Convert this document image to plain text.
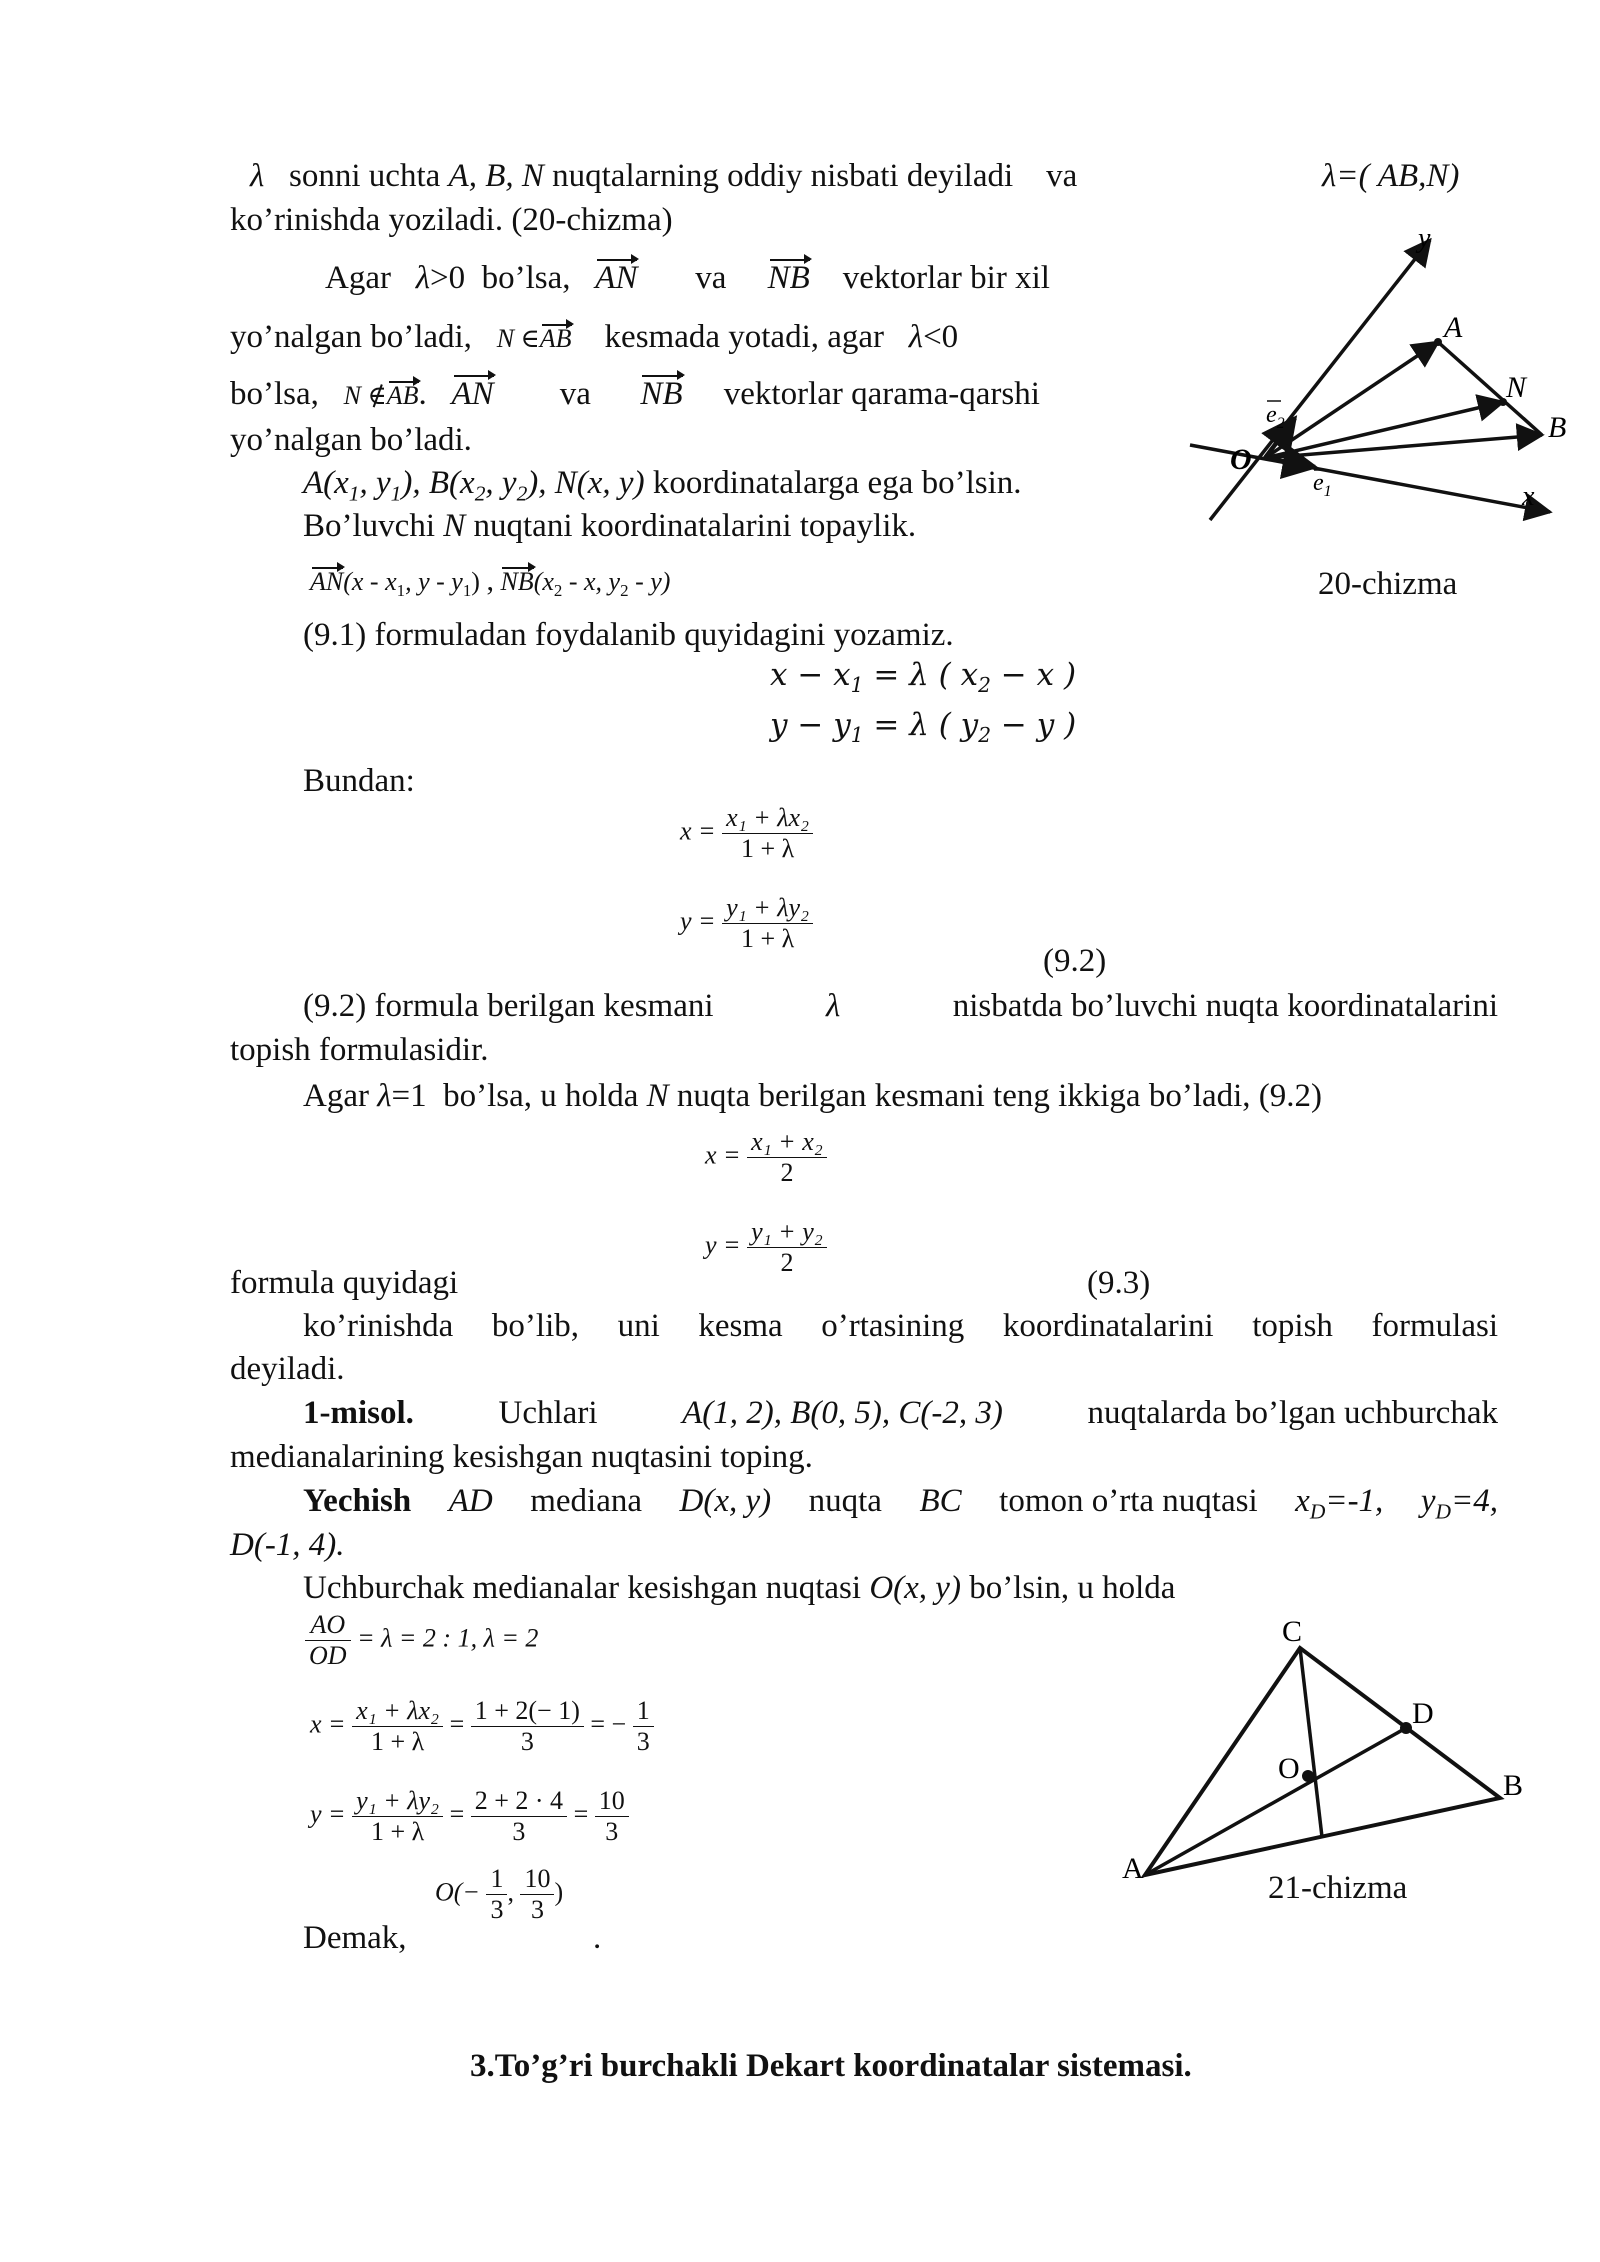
λ sonni uchta A, B, N nuqtalarning oddiy nisbati deyiladi va	λ=( AB,N)
ko’rinishda yoziladi. (20-chizma)
Agar λ>0 bo’lsa, AN va NB vektorlar bir xil
yo’nalgan bo’ladi, N ∈AB kesmada yotadi, agar λ<0
bo’lsa, N ∉AB. AN va NB vektorlar qarama-qarshi
yo’nalgan bo’ladi.
$A(x_1$, $y_1$), $B(x_2$, $y_2$), N(x, y) koordinatalarga ega bo’lsin.
Bo’luvchi N nuqtani koordinatalarini topaylik.
$AN(x - x_1$, y - $y_1$) , $NB(x_2$ - x, $y_2 - y$)
y
A
N
B
O
x
$e_2$
$e_1$
20-chizma
(9.1) formuladan foydalanib quyidagini yozamiz.
$x - x_1 = \lambda$ ( $x_2 - x$ )
$y - y_1 = \lambda$ ( $y_2 - y$ )
Bundan:
$x = \frac{\text{x₁ + λx₂}}{1 + \lambda}$
$y = \frac{\text{y₁ + λy₂}}{1 + \lambda}$
(9.2)
(9.2) formula berilgan kesmani	λ	nisbatda bo’luvchi nuqta koordinatalarini
topish formulasidir.
Agar λ=1 bo’lsa, u holda N nuqta berilgan kesmani teng ikkiga bo’ladi, (9.2)
$x = \frac{\text{x₁ + x₂}}{2}$
$y = \frac{\text{y₁ + y₂}}{2}$
formula quyidagi	(9.3)
ko’rinishda bo’lib, uni kesma o’rtasining koordinatalarini topish formulasi
deyiladi.
1-misol.	Uchlari	A(1, 2), B(0, 5), C(-2, 3)	nuqtalarda bo’lgan uchburchak
medianalarining kesishgan nuqtasini toping.
Yechish AD mediana D(x, y) nuqta BC tomon o’rta nuqtasi $x_D=-1$, $y_D=4$,
D(-1, 4).
Uchburchak medianalar kesishgan nuqtasi O(x, y) bo’lsin, u holda
$\frac{AO}{OD} = \lambda = 2$ : 1, λ = 2
$x = \frac{\text{x₁ + λx₂}}{1 + \lambda} = \frac{1 + 2(- 1)}{3}$ = − $\frac{1}{3}$
$y = \frac{\text{y₁ + λy₂}}{1 + \lambda} = \frac{2 + 2 \cdot 4}{3} = \frac{10}{3}$
$O(- \frac{1}{3}$ , $\frac{10}{3}$ )
Demak,	.
C
D
O
B
A
21-chizma
3.To’g’ri burchakli Dekart koordinatalar sistemasi.
